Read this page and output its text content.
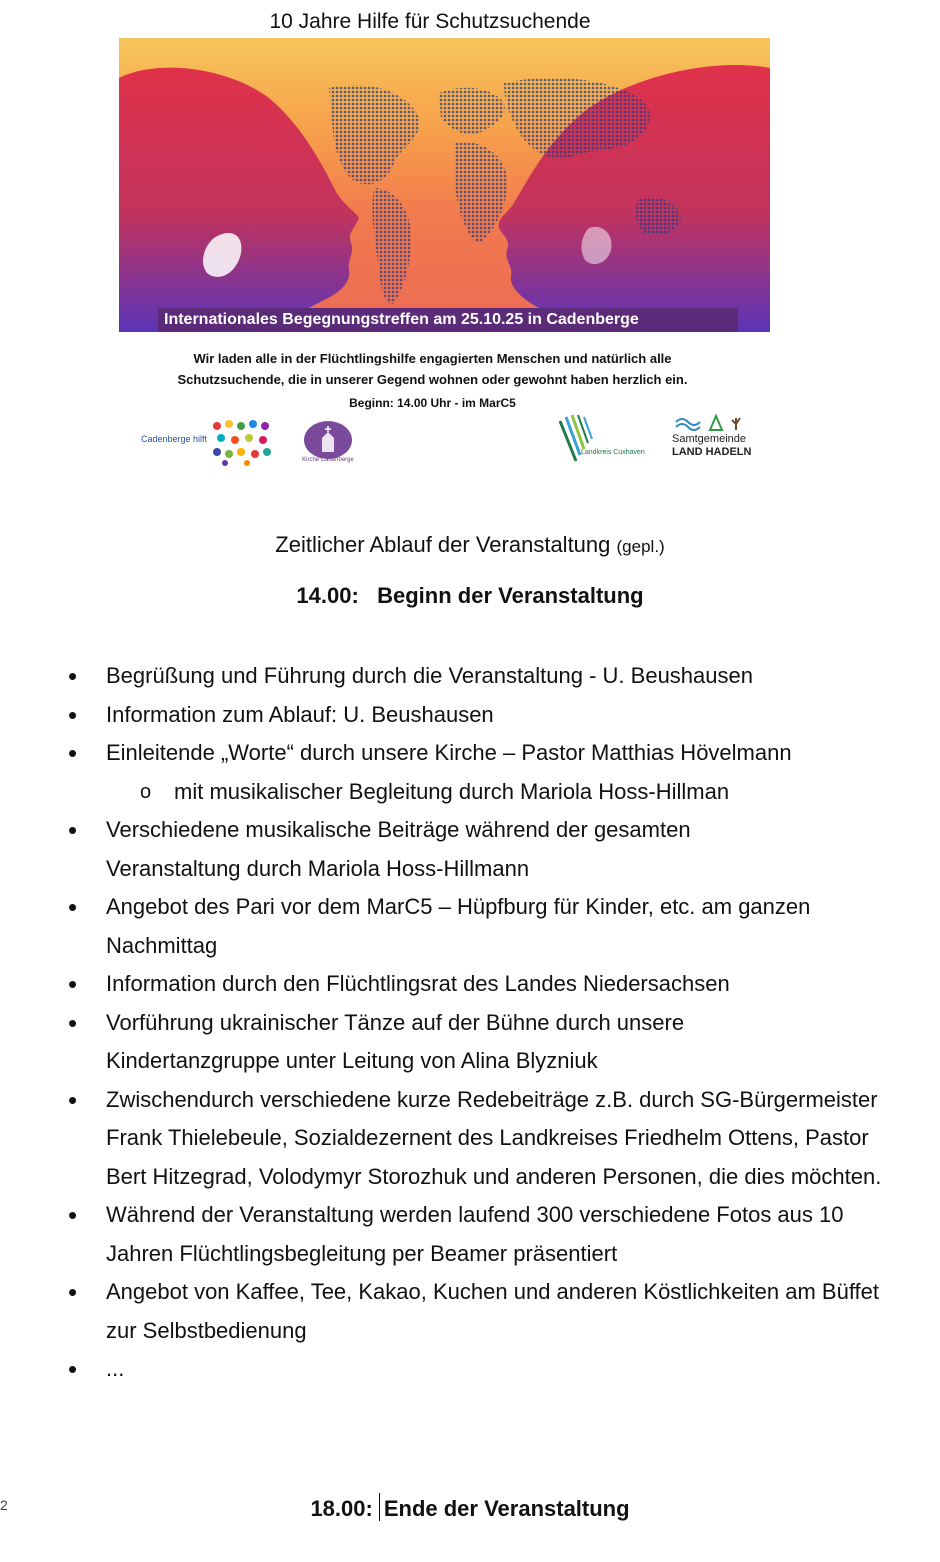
10 Jahre Hilfe für Schutzsuchende
Internationales Begegnungstreffen am 25.10.25 in Cadenberge
Wir laden alle in der Flüchtlingshilfe engagierten Menschen und natürlich alle
Schutzsuchende, die in unserer Gegend wohnen oder gewohnt haben herzlich ein.
Beginn: 14.00 Uhr - im MarC5
Cadenberge hilft
Kirche Cadenberge
Landkreis Cuxhaven
Samtgemeinde
LAND HADELN
Zeitlicher Ablauf der Veranstaltung (gepl.)
14.00:   Beginn der Veranstaltung
• Begrüßung und Führung durch die Veranstaltung - U. Beushausen
• Information zum Ablauf: U. Beushausen
• Einleitende „Worte“ durch unsere Kirche – Pastor Matthias Hövelmann
o mit musikalischer Begleitung durch Mariola Hoss-Hillman
• Verschiedene musikalische Beiträge während der gesamten Veranstaltung durch Mariola Hoss-Hillmann
• Angebot des Pari vor dem MarC5 – Hüpfburg für Kinder, etc. am ganzen Nachmittag
• Information durch den Flüchtlingsrat des Landes Niedersachsen
• Vorführung ukrainischer Tänze auf der Bühne durch unsere Kindertanzgruppe unter Leitung von Alina Blyzniuk
• Zwischendurch verschiedene kurze Redebeiträge z.B. durch SG-Bürgermeister Frank Thielebeule, Sozialdezernent des Landkreises Friedhelm Ottens, Pastor Bert Hitzegrad, Volodymyr Storozhuk und anderen Personen, die dies möchten.
• Während der Veranstaltung werden laufend 300 verschiedene Fotos aus 10 Jahren Flüchtlingsbegleitung per Beamer präsentiert
• Angebot von Kaffee, Tee, Kakao, Kuchen und anderen Köstlichkeiten am Büffet zur Selbstbedienung
• ...
2	18.00: Ende der Veranstaltung
